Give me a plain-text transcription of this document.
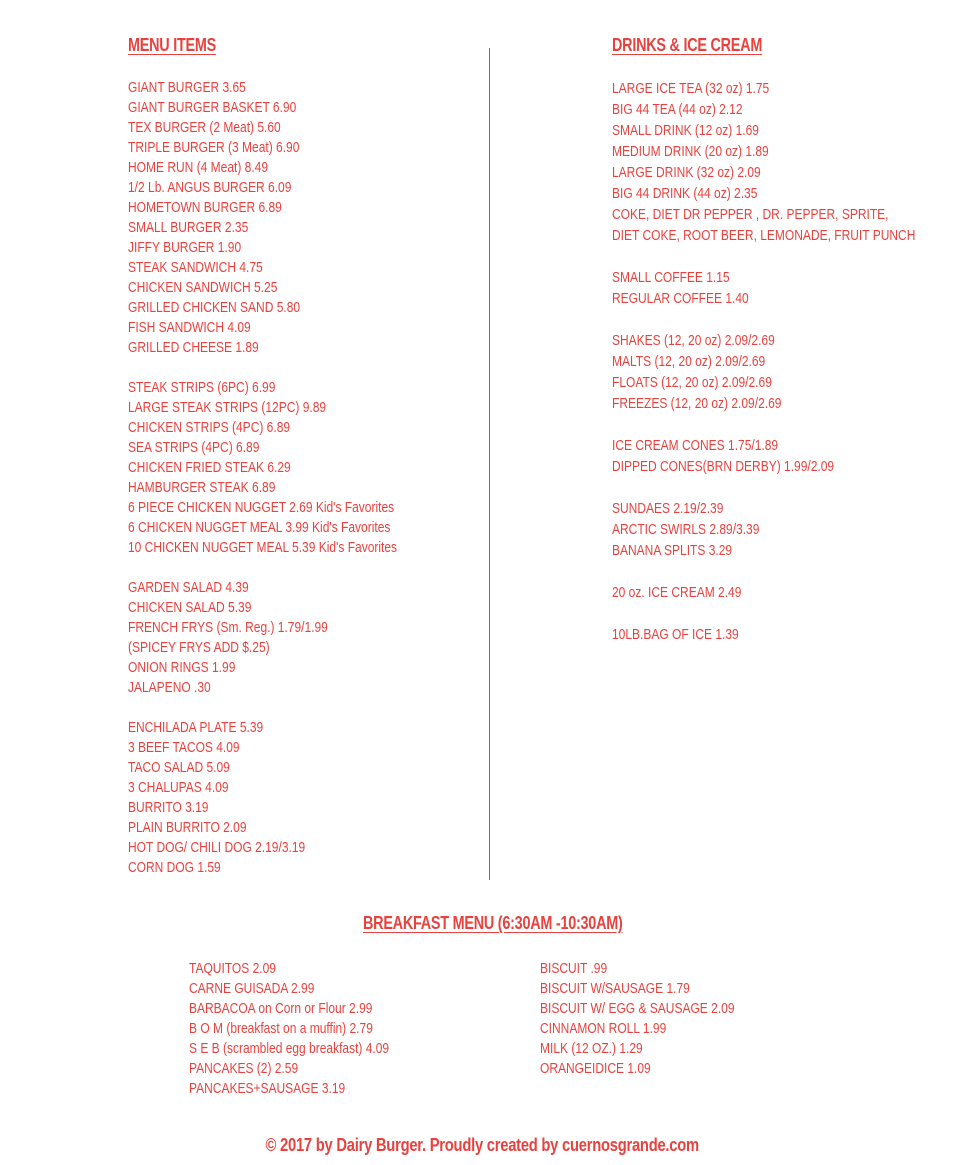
MENU ITEMS
GIANT BURGER 3.65
GIANT BURGER BASKET 6.90
TEX BURGER (2 Meat) 5.60
TRIPLE BURGER (3 Meat) 6.90
HOME RUN (4 Meat) 8.49
1/2 Lb. ANGUS BURGER 6.09
HOMETOWN BURGER 6.89
SMALL BURGER 2.35
JIFFY BURGER 1.90
STEAK SANDWICH 4.75
CHICKEN SANDWICH 5.25
GRILLED CHICKEN SAND 5.80
FISH SANDWICH 4.09
GRILLED CHEESE 1.89
STEAK STRIPS (6PC) 6.99
LARGE STEAK STRIPS (12PC) 9.89
CHICKEN STRIPS (4PC) 6.89
SEA STRIPS (4PC) 6.89
CHICKEN FRIED STEAK 6.29
HAMBURGER STEAK 6.89
6 PIECE CHICKEN NUGGET 2.69 Kid's Favorites
6 CHICKEN NUGGET MEAL 3.99 Kid's Favorites
10 CHICKEN NUGGET MEAL 5.39 Kid's Favorites
GARDEN SALAD 4.39
CHICKEN SALAD 5.39
FRENCH FRYS (Sm. Reg.) 1.79/1.99
(SPICEY FRYS ADD $.25)
ONION RINGS 1.99
JALAPENO .30
ENCHILADA PLATE 5.39
3 BEEF TACOS 4.09
TACO SALAD 5.09
3 CHALUPAS 4.09
BURRITO 3.19
PLAIN BURRITO 2.09
HOT DOG/ CHILI DOG 2.19/3.19
CORN DOG 1.59
DRINKS & ICE CREAM
LARGE ICE TEA (32 oz) 1.75
BIG 44 TEA (44 oz) 2.12
SMALL DRINK (12 oz) 1.69
MEDIUM DRINK (20 oz) 1.89
LARGE DRINK (32 oz) 2.09
BIG 44 DRINK (44 oz) 2.35
COKE, DIET DR PEPPER , DR. PEPPER, SPRITE,
DIET COKE, ROOT BEER, LEMONADE, FRUIT PUNCH
SMALL COFFEE 1.15
REGULAR COFFEE 1.40
SHAKES (12, 20 oz) 2.09/2.69
MALTS (12, 20 oz) 2.09/2.69
FLOATS (12, 20 oz) 2.09/2.69
FREEZES (12, 20 oz) 2.09/2.69
ICE CREAM CONES 1.75/1.89
DIPPED CONES(BRN DERBY) 1.99/2.09
SUNDAES 2.19/2.39
ARCTIC SWIRLS 2.89/3.39
BANANA SPLITS 3.29
20 oz. ICE CREAM 2.49
10LB.BAG OF ICE 1.39
BREAKFAST MENU (6:30AM -10:30AM)
TAQUITOS 2.09
CARNE GUISADA 2.99
BARBACOA on Corn or Flour 2.99
B O M (breakfast on a muffin) 2.79
S E B (scrambled egg breakfast) 4.09
PANCAKES (2) 2.59
PANCAKES+SAUSAGE 3.19
BISCUIT .99
BISCUIT W/SAUSAGE 1.79
BISCUIT W/ EGG & SAUSAGE 2.09
CINNAMON ROLL 1.99
MILK (12 OZ.) 1.29
ORANGEIDICE 1.09
© 2017 by Dairy Burger. Proudly created by cuernosgrande.com
